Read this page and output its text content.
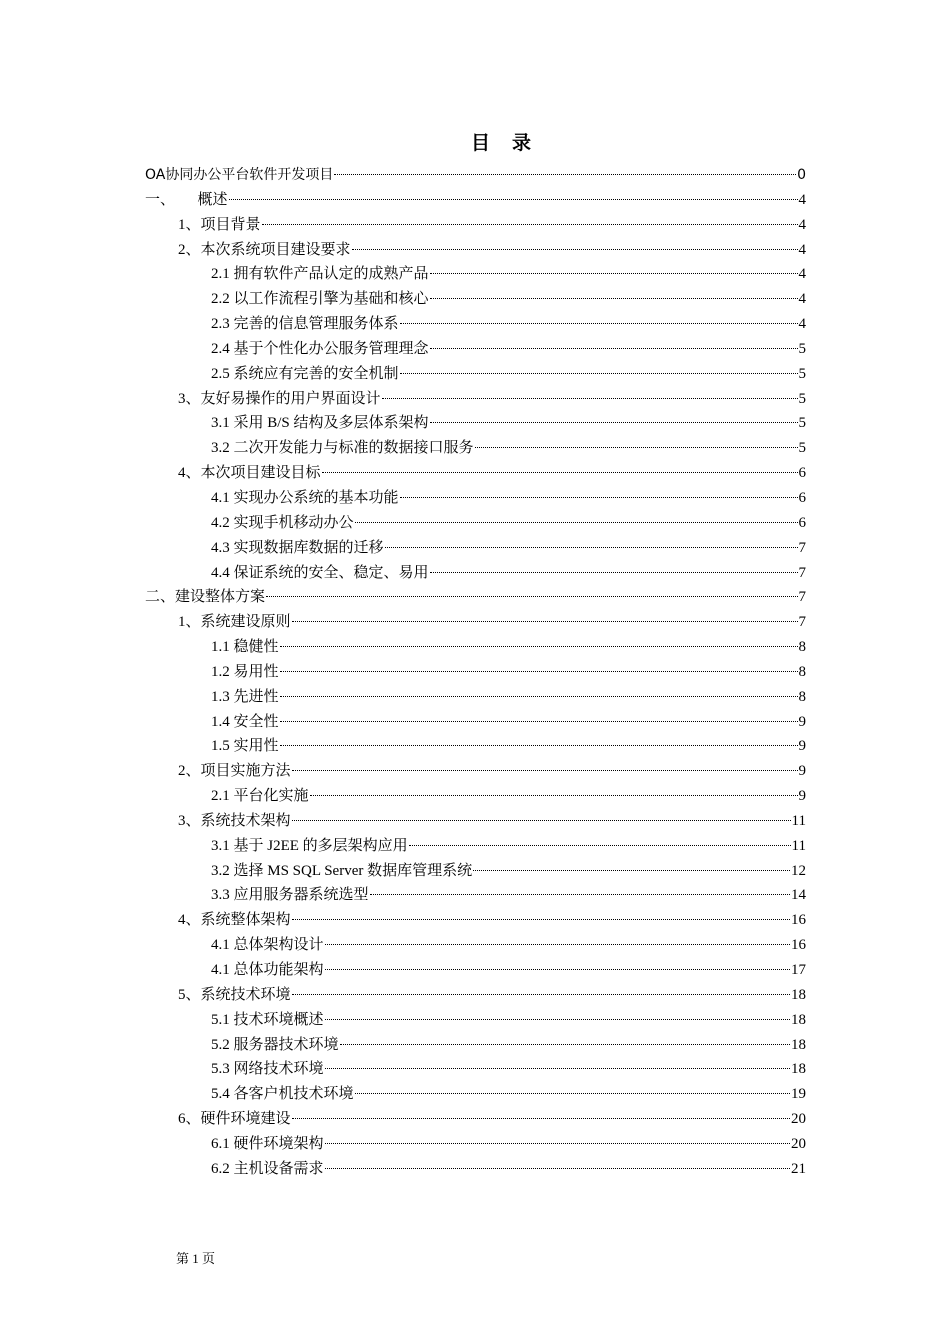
目录
OA协同办公平台软件开发项目	0
一、　　概述	4
1、项目背景	4
2、本次系统项目建设要求	4
2.1 拥有软件产品认定的成熟产品	4
2.2 以工作流程引擎为基础和核心	4
2.3 完善的信息管理服务体系	4
2.4 基于个性化办公服务管理理念	5
2.5 系统应有完善的安全机制	5
3、友好易操作的用户界面设计	5
3.1 采用 B/S 结构及多层体系架构	5
3.2 二次开发能力与标准的数据接口服务	5
4、本次项目建设目标	6
4.1 实现办公系统的基本功能	6
4.2 实现手机移动办公	6
4.3 实现数据库数据的迁移	7
4.4 保证系统的安全、稳定、易用	7
二、建设整体方案	7
1、系统建设原则	7
1.1 稳健性	8
1.2 易用性	8
1.3 先进性	8
1.4 安全性	9
1.5 实用性	9
2、项目实施方法	9
2.1 平台化实施	9
3、系统技术架构	11
3.1 基于 J2EE 的多层架构应用	11
3.2 选择 MS SQL Server 数据库管理系统	12
3.3 应用服务器系统选型	14
4、系统整体架构	16
4.1 总体架构设计	16
4.1 总体功能架构	17
5、系统技术环境	18
5.1 技术环境概述	18
5.2 服务器技术环境	18
5.3 网络技术环境	18
5.4 各客户机技术环境	19
6、硬件环境建设	20
6.1 硬件环境架构	20
6.2 主机设备需求	21
第 1 页
